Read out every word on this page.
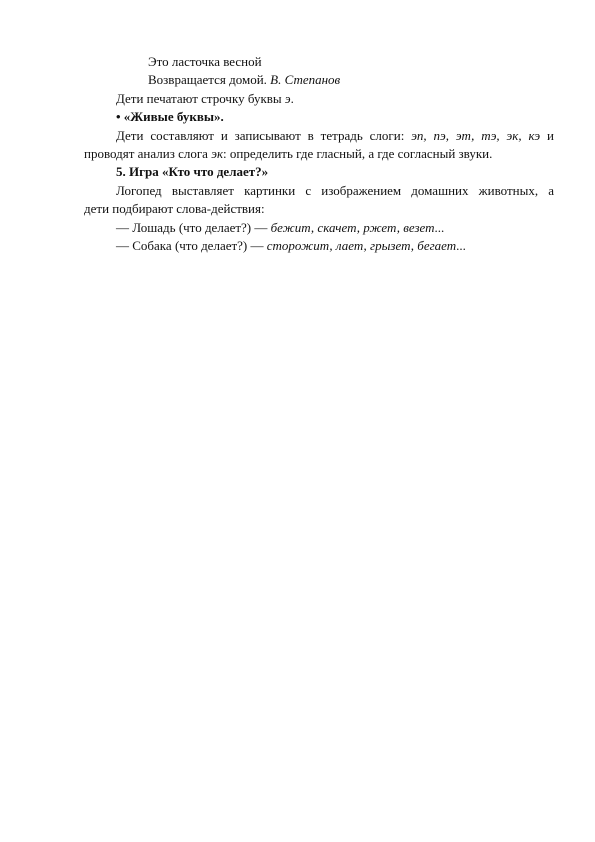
Это ласточка весной
Возвращается домой. В. Степанов
Дети печатают строчку буквы э.
• «Живые буквы».
Дети составляют и записывают в тетрадь слоги: эп, пэ, эт, тэ, эк, кэ и
проводят анализ слога эк: определить где гласный, а где согласный звуки.
5. Игра «Кто что делает?»
Логопед выставляет картинки с изображением домашних животных, а
дети подбирают слова-действия:
— Лошадь (что делает?) — бежит, скачет, ржет, везет...
— Собака (что делает?) — сторожит, лает, грызет, бегает...
